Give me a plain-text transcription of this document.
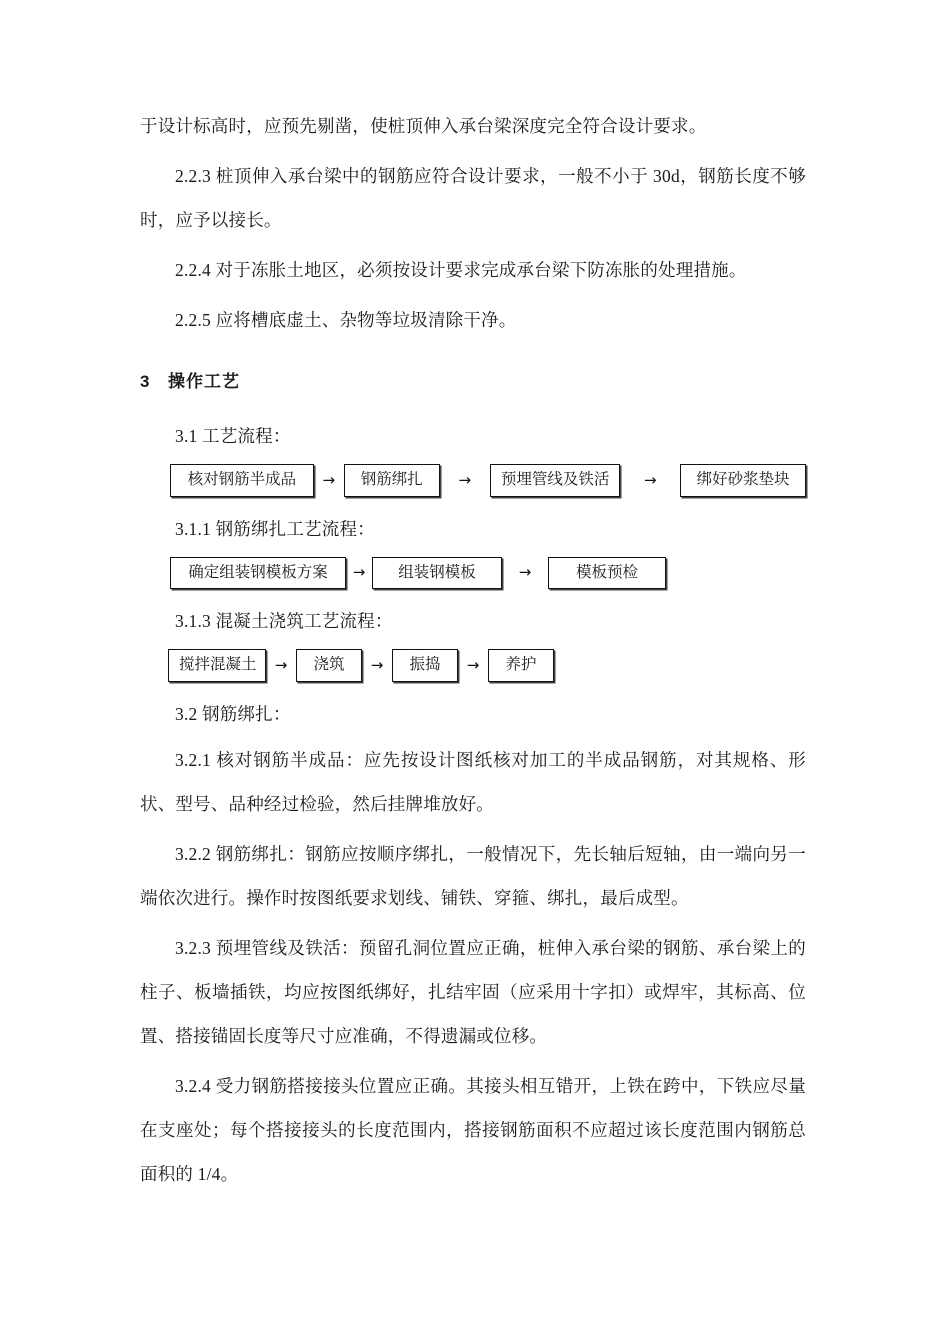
于设计标高时，应预先剔凿，使桩顶伸入承台梁深度完全符合设计要求。

2.2.3 桩顶伸入承台梁中的钢筋应符合设计要求，一般不小于 30d，钢筋长度不够时，应予以接长。

2.2.4 对于冻胀土地区，必须按设计要求完成承台梁下防冻胀的处理措施。

2.2.5 应将槽底虚土、杂物等垃圾清除干净。

3 操作工艺
3.1 工艺流程：
核对钢筋半成品	→	钢筋绑扎	→	预埋管线及铁活	→	绑好砂浆垫块
3.1.1 钢筋绑扎工艺流程：
确定组装钢模板方案	→	组装钢模板	→	模板预检
3.1.3 混凝土浇筑工艺流程：
搅拌混凝土	→	浇筑	→	振捣	→	养护
3.2 钢筋绑扎：

3.2.1 核对钢筋半成品：应先按设计图纸核对加工的半成品钢筋，对其规格、形状、型号、品种经过检验，然后挂牌堆放好。

3.2.2 钢筋绑扎：钢筋应按顺序绑扎，一般情况下，先长轴后短轴，由一端向另一端依次进行。操作时按图纸要求划线、铺铁、穿箍、绑扎，最后成型。

3.2.3 预埋管线及铁活：预留孔洞位置应正确，桩伸入承台梁的钢筋、承台梁上的柱子、板墙插铁，均应按图纸绑好，扎结牢固（应采用十字扣）或焊牢，其标高、位置、搭接锚固长度等尺寸应准确，不得遗漏或位移。

3.2.4 受力钢筋搭接接头位置应正确。其接头相互错开，上铁在跨中，下铁应尽量在支座处；每个搭接接头的长度范围内，搭接钢筋面积不应超过该长度范围内钢筋总面积的 1/4。
